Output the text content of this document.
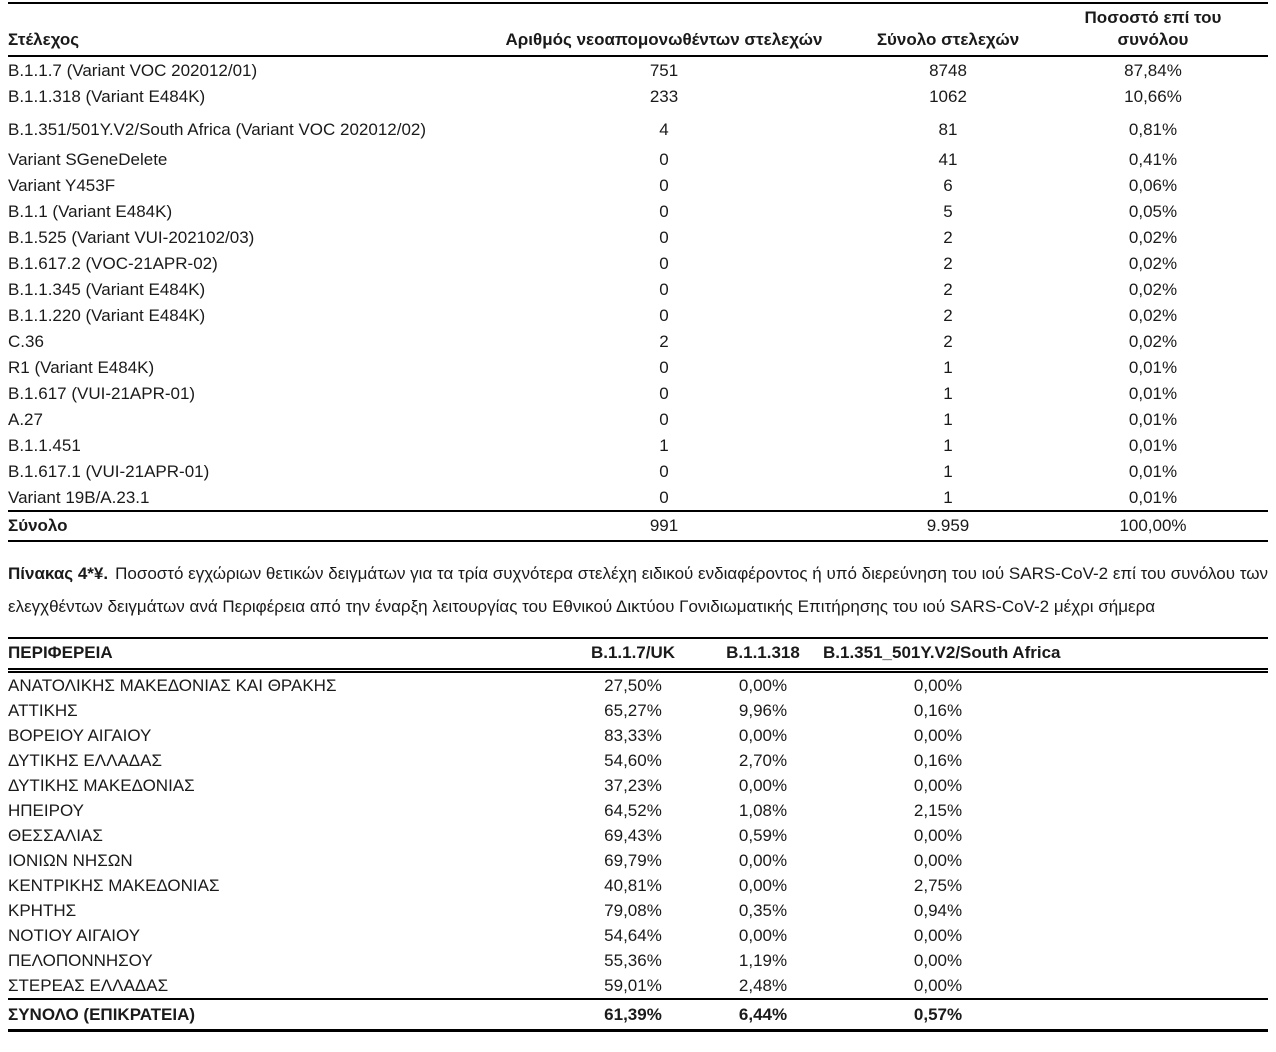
Στέλεχος	Αριθμός νεοαπομονωθέντων στελεχών	Σύνολο στελεχών	Ποσοστό επί του συνόλου

B.1.1.7 (Variant VOC 202012/01)	751	8748	87,84%
B.1.1.318 (Variant E484K)	233	1062	10,66%
B.1.351/501Y.V2/South Africa (Variant VOC 202012/02)	4	81	0,81%
Variant SGeneDelete	0	41	0,41%
Variant Y453F	0	6	0,06%
B.1.1 (Variant E484K)	0	5	0,05%
B.1.525 (Variant VUI-202102/03)	0	2	0,02%
B.1.617.2 (VOC-21APR-02)	0	2	0,02%
B.1.1.345 (Variant E484K)	0	2	0,02%
B.1.1.220 (Variant E484K)	0	2	0,02%
C.36	2	2	0,02%
R1 (Variant E484K)	0	1	0,01%
B.1.617 (VUI-21APR-01)	0	1	0,01%
A.27	0	1	0,01%
B.1.1.451	1	1	0,01%
B.1.617.1 (VUI-21APR-01)	0	1	0,01%
Variant 19B/A.23.1	0	1	0,01%
Σύνολο	991	9.959	100,00%

Πίνακας 4*¥. Ποσοστό εγχώριων θετικών δειγμάτων για τα τρία συχνότερα στελέχη ειδικού ενδιαφέροντος ή υπό διερεύνηση του ιού SARS-CoV-2 επί του συνόλου των ελεγχθέντων δειγμάτων ανά Περιφέρεια από την έναρξη λειτουργίας του Εθνικού Δικτύου Γονιδιωματικής Επιτήρησης του ιού SARS-CoV-2 μέχρι σήμερα

ΠΕΡΙΦΕΡΕΙΑ	B.1.1.7/UK	B.1.1.318	B.1.351_501Y.V2/South Africa	
ΑΝΑΤΟΛΙΚΗΣ ΜΑΚΕΔΟΝΙΑΣ ΚΑΙ ΘΡΑΚΗΣ	27,50%	0,00%	0,00%	
ΑΤΤΙΚΗΣ	65,27%	9,96%	0,16%	
ΒΟΡΕΙΟΥ ΑΙΓΑΙΟΥ	83,33%	0,00%	0,00%	
ΔΥΤΙΚΗΣ ΕΛΛΑΔΑΣ	54,60%	2,70%	0,16%	
ΔΥΤΙΚΗΣ ΜΑΚΕΔΟΝΙΑΣ	37,23%	0,00%	0,00%	
ΗΠΕΙΡΟΥ	64,52%	1,08%	2,15%	
ΘΕΣΣΑΛΙΑΣ	69,43%	0,59%	0,00%	
ΙΟΝΙΩΝ ΝΗΣΩΝ	69,79%	0,00%	0,00%	
ΚΕΝΤΡΙΚΗΣ ΜΑΚΕΔΟΝΙΑΣ	40,81%	0,00%	2,75%	
ΚΡΗΤΗΣ	79,08%	0,35%	0,94%	
ΝΟΤΙΟΥ ΑΙΓΑΙΟΥ	54,64%	0,00%	0,00%	
ΠΕΛΟΠΟΝΝΗΣΟΥ	55,36%	1,19%	0,00%	
ΣΤΕΡΕΑΣ ΕΛΛΑΔΑΣ	59,01%	2,48%	0,00%	
ΣΥΝΟΛΟ (ΕΠΙΚΡΑΤΕΙΑ)	61,39%	6,44%	0,57%	
